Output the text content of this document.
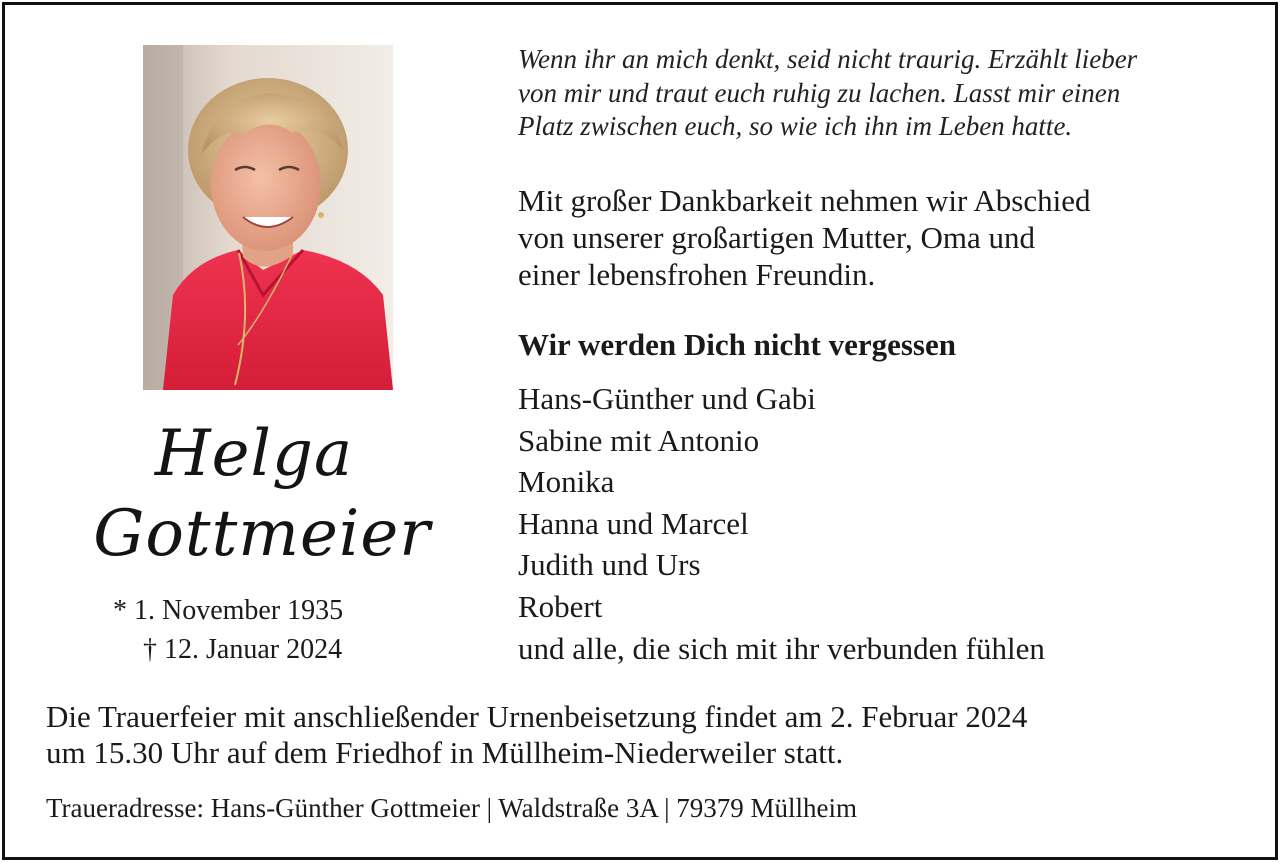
Helga
Gottmeier
* 1. November 1935
† 12. Januar 2024
Wenn ihr an mich denkt, seid nicht traurig. Erzählt lieber
von mir und traut euch ruhig zu lachen. Lasst mir einen
Platz zwischen euch, so wie ich ihn im Leben hatte.
Mit großer Dankbarkeit nehmen wir Abschied
von unserer großartigen Mutter, Oma und
einer lebensfrohen Freundin.
Wir werden Dich nicht vergessen
Hans-Günther und Gabi
Sabine mit Antonio
Monika
Hanna und Marcel
Judith und Urs
Robert
und alle, die sich mit ihr verbunden fühlen
Die Trauerfeier mit anschließender Urnenbeisetzung findet am 2. Februar 2024
um 15.30 Uhr auf dem Friedhof in Müllheim-Niederweiler statt.
Traueradresse: Hans-Günther Gottmeier | Waldstraße 3A | 79379 Müllheim
